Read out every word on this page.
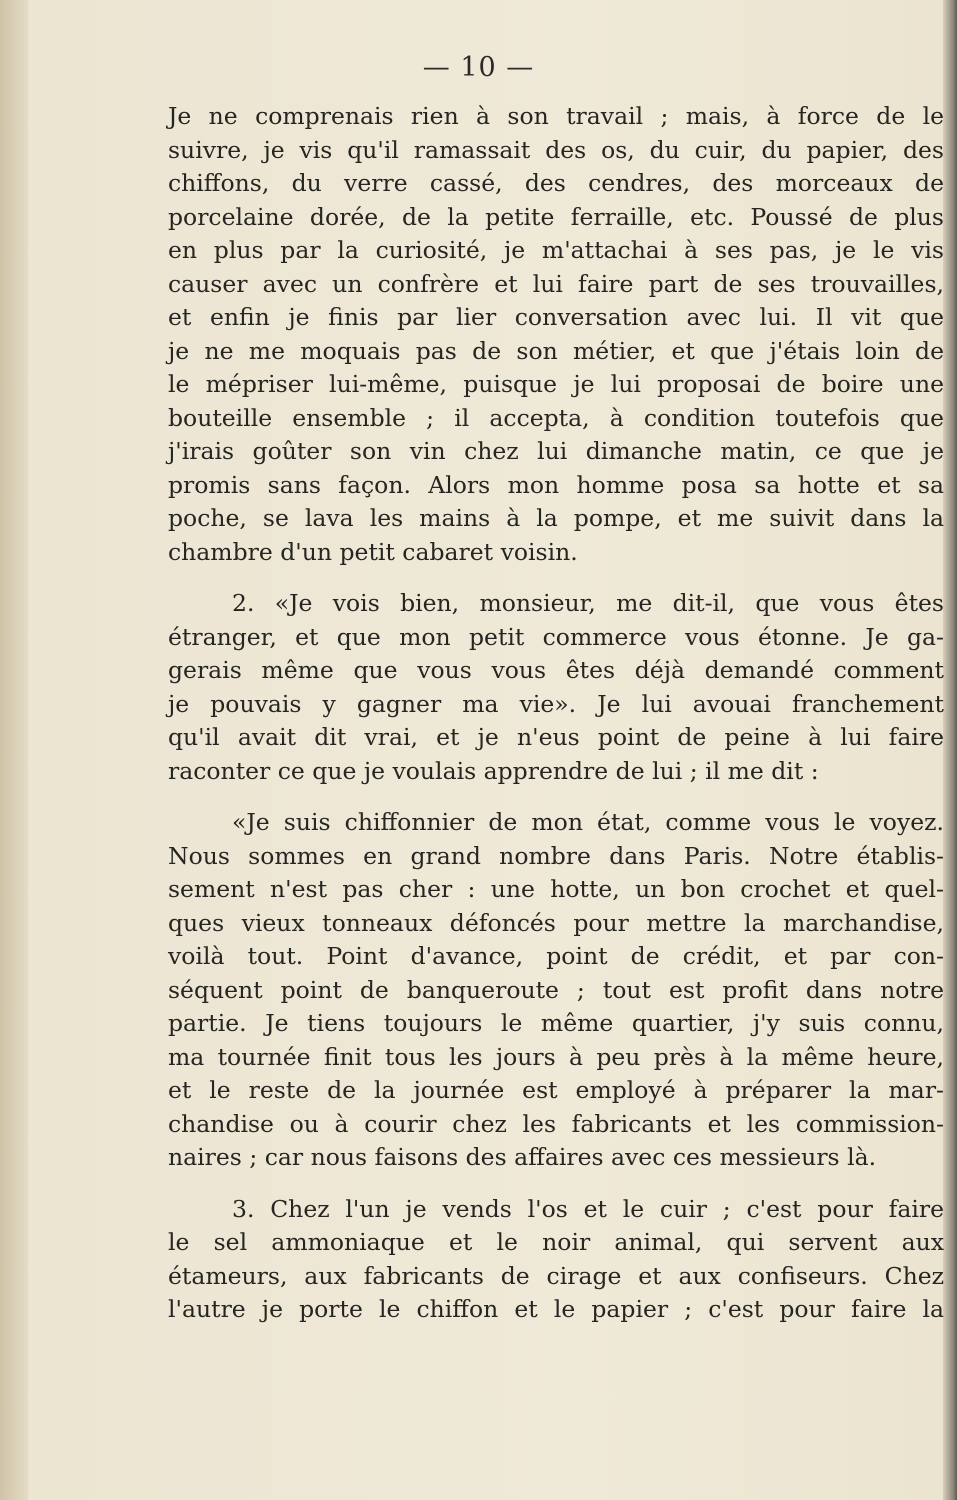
— 10 —
Je ne comprenais rien à son travail ; mais, à force de le
suivre, je vis qu'il ramassait des os, du cuir, du papier, des
chiffons, du verre cassé, des cendres, des morceaux de
porcelaine dorée, de la petite ferraille, etc. Poussé de plus
en plus par la curiosité, je m'attachai à ses pas, je le vis
causer avec un confrère et lui faire part de ses trouvailles,
et enfin je finis par lier conversation avec lui. Il vit que
je ne me moquais pas de son métier, et que j'étais loin de
le mépriser lui-même, puisque je lui proposai de boire une
bouteille ensemble ; il accepta, à condition toutefois que
j'irais goûter son vin chez lui dimanche matin, ce que je
promis sans façon. Alors mon homme posa sa hotte et sa
poche, se lava les mains à la pompe, et me suivit dans la
chambre d'un petit cabaret voisin.
2. «Je vois bien, monsieur, me dit-il, que vous êtes
étranger, et que mon petit commerce vous étonne. Je ga-
gerais même que vous vous êtes déjà demandé comment
je pouvais y gagner ma vie». Je lui avouai franchement
qu'il avait dit vrai, et je n'eus point de peine à lui faire
raconter ce que je voulais apprendre de lui ; il me dit :
«Je suis chiffonnier de mon état, comme vous le voyez.
Nous sommes en grand nombre dans Paris. Notre établis-
sement n'est pas cher : une hotte, un bon crochet et quel-
ques vieux tonneaux défoncés pour mettre la marchandise,
voilà tout. Point d'avance, point de crédit, et par con-
séquent point de banqueroute ; tout est profit dans notre
partie. Je tiens toujours le même quartier, j'y suis connu,
ma tournée finit tous les jours à peu près à la même heure,
et le reste de la journée est employé à préparer la mar-
chandise ou à courir chez les fabricants et les commission-
naires ; car nous faisons des affaires avec ces messieurs là.
3. Chez l'un je vends l'os et le cuir ; c'est pour faire
le sel ammoniaque et le noir animal, qui servent aux
étameurs, aux fabricants de cirage et aux confiseurs. Chez
l'autre je porte le chiffon et le papier ; c'est pour faire la
